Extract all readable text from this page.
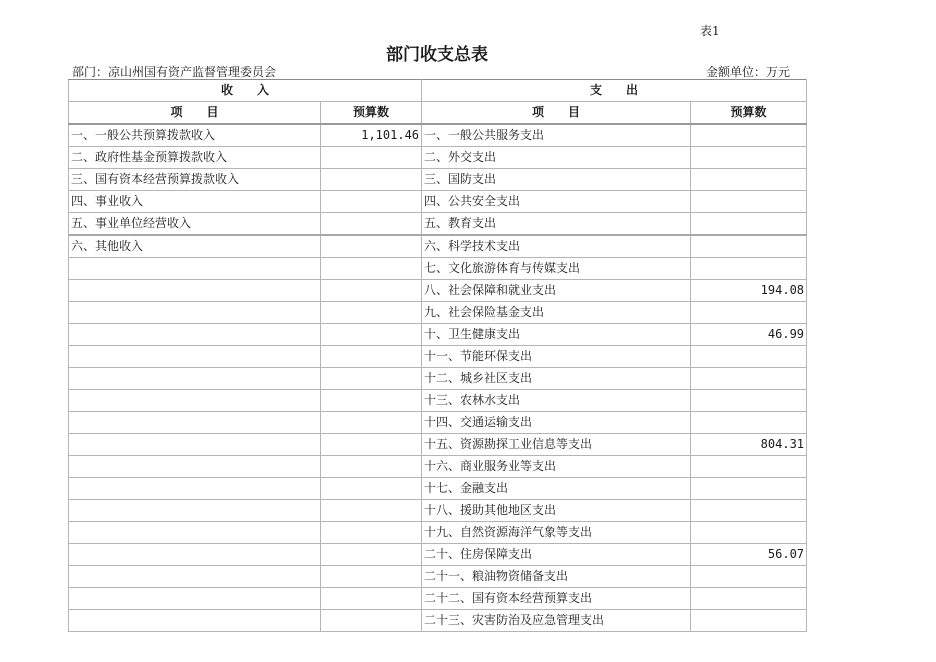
表1
部门收支总表
部门：凉山州国有资产监督管理委员会	金额单位：万元
收　　入		支　　出	
项　　目	预算数	项　　目	预算数
一、一般公共预算拨款收入	1,101.46	一、一般公共服务支出	
二、政府性基金预算拨款收入		二、外交支出	
三、国有资本经营预算拨款收入		三、国防支出	
四、事业收入		四、公共安全支出	
五、事业单位经营收入		五、教育支出	
六、其他收入		六、科学技术支出	
		七、文化旅游体育与传媒支出	
		八、社会保障和就业支出	194.08
		九、社会保险基金支出	
		十、卫生健康支出	46.99
		十一、节能环保支出	
		十二、城乡社区支出	
		十三、农林水支出	
		十四、交通运输支出	
		十五、资源勘探工业信息等支出	804.31
		十六、商业服务业等支出	
		十七、金融支出	
		十八、援助其他地区支出	
		十九、自然资源海洋气象等支出	
		二十、住房保障支出	56.07
		二十一、粮油物资储备支出	
		二十二、国有资本经营预算支出	
		二十三、灾害防治及应急管理支出	
